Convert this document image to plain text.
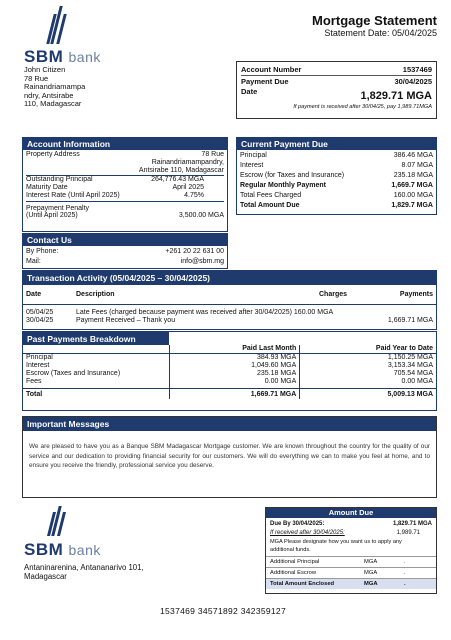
SBM bank
John Citizen
78 Rue
Rainandriamampa
ndry, Antsirabe
110, Madagascar
Mortgage Statement
Statement Date: 05/04/2025
Account Number	1537469
Payment Due	30/04/2025
Date	1,829.71 MGA
If payment is received after 30/04/25, pay 1,989.71MGA
Account Information
Property Address	78 Rue
Rainandriamampandry,
Antsirabe 110, Madagascar
Outstanding Principal	264,776.43 MGA
Maturity Date	April 2025
Interest Rate (Until April 2025)	4.75%
Prepayment Penalty
(Until April 2025)	3,500.00 MGA
Contact Us
By Phone:	+261 20 22 631 00
Mail:	info@sbm.mg
Current Payment Due
Principal	386.46 MGA
Interest	8.07 MGA
Escrow (for Taxes and Insurance)	235.18 MGA
Regular Monthly Payment	1,669.7 MGA
Total Fees Charged	160.00 MGA
Total Amount Due	1,829.7 MGA
Transaction Activity (05/04/2025 – 30/04/2025)
Date	Description	Charges	Payments
05/04/25	Late Fees (charged because payment was received after 30/04/2025) 160.00 MGA		
30/04/25	Payment Received – Thank you		1,669.71 MGA
Past Payments Breakdown
	Paid Last Month	Paid Year to Date
Principal	384.93 MGA	1,150.25 MGA
Interest	1,049.60 MGA	3,153.34 MGA
Escrow (Taxes and Insurance)	235.18 MGA	705.54 MGA
Fees	0.00 MGA	0.00 MGA
Total	1,669.71 MGA	5,009.13 MGA
Important Messages

We are pleased to have you as a Banque SBM Madagascar Mortgage customer. We are known throughout the country for the quality of our service and our dedication to providing financial security for our customers. We will do everything we can to make you feel at home, and to ensure you receive the friendly, professional service you deserve.

SBM bank
Antaninarenina, Antananarivo 101,
Madagascar
Amount Due
Due By 30/04/2025:	1,829.71 MGA
If received after 30/04/2025:	1,989.71
MGA Please designate how you want us to apply any additional funds.
Additional Principal	MGA	.
Additional Escrow	MGA	.
Total Amount Enclosed	MGA	.
1537469 34571892 342359127
